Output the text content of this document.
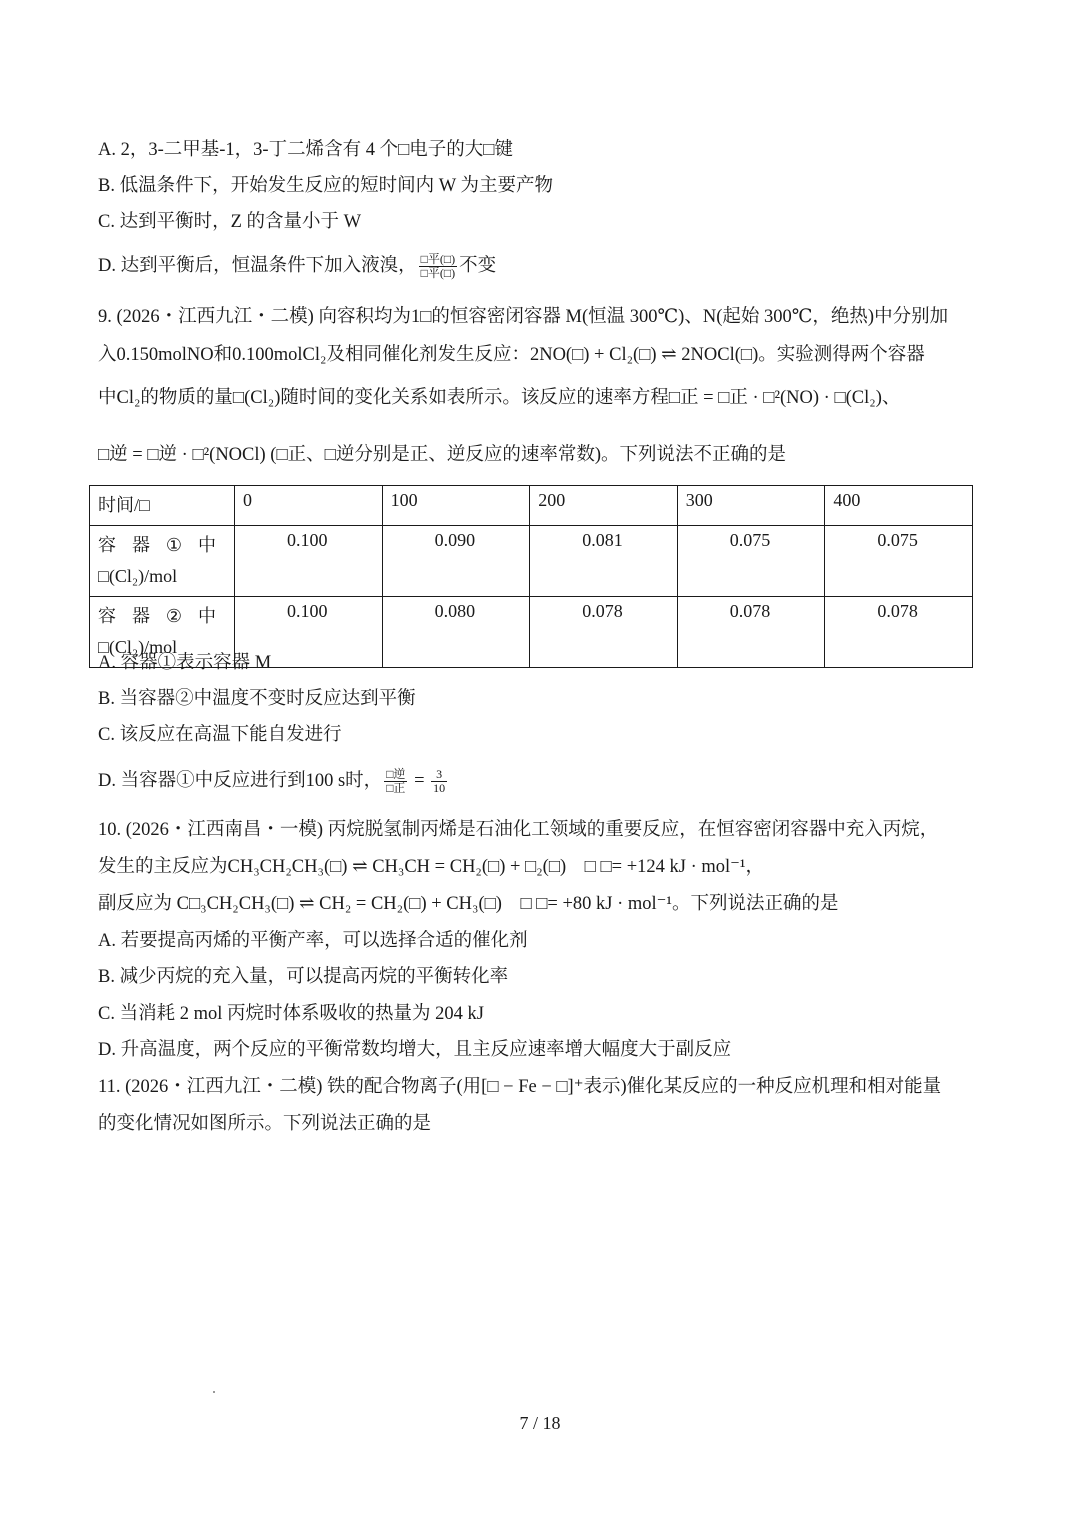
A. 2，3-二甲基-1，3-丁二烯含有 4 个□电子的大□键
B. 低温条件下，开始发生反应的短时间内 W 为主要产物
C. 达到平衡时，Z 的含量小于 W
D. 达到平衡后，恒温条件下加入液溴， $\frac{\text{□平(□)}}{\text{□平(□)}}$ 不变
9. (2026・江西九江・二模) 向容积均为1□的恒容密闭容器 M(恒温 300℃)、N(起始 300℃，绝热)中分别加
入0.150molNO和0.100molCl₂及相同催化剂发生反应：2NO(□) + Cl₂(□) ⇌ 2NOCl(□)。实验测得两个容器
中Cl₂的物质的量□(Cl₂)随时间的变化关系如表所示。该反应的速率方程□正 = □正 · □²(NO) · □(Cl₂)、
□逆 = □逆 · □²(NOCl) (□正、□逆分别是正、逆反应的速率常数)。下列说法不正确的是
时间/□	0	100	200	300	400

容 器 ① 中
□(Cl₂)/mol	0.100	0.090	0.081	0.075	0.075

容 器 ② 中
□(Cl₂)/mol	0.100	0.080	0.078	0.078	0.078
A. 容器①表示容器 M
B. 当容器②中温度不变时反应达到平衡
C. 该反应在高温下能自发进行
D. 当容器①中反应进行到100 s时， $\frac{\text{□逆}}{\text{□正}} = \frac{3}{10}$
10. (2026・江西南昌・一模) 丙烷脱氢制丙烯是石油化工领域的重要反应，在恒容密闭容器中充入丙烷，
发生的主反应为CH₃CH₂CH₃(□) ⇌ CH₃CH = CH₂(□) + □₂(□)　□ □= +124 kJ · mol⁻¹，
副反应为 C□₃CH₂CH₃(□) ⇌ CH₂ = CH₂(□) + CH₃(□)　□ □= +80 kJ · mol⁻¹。下列说法正确的是
A. 若要提高丙烯的平衡产率，可以选择合适的催化剂
B. 减少丙烷的充入量，可以提高丙烷的平衡转化率
C. 当消耗 2 mol 丙烷时体系吸收的热量为 204 kJ
D. 升高温度，两个反应的平衡常数均增大，且主反应速率增大幅度大于副反应
11. (2026・江西九江・二模) 铁的配合物离子(用[□ − Fe − □]⁺表示)催化某反应的一种反应机理和相对能量
的变化情况如图所示。下列说法正确的是
7 / 18
